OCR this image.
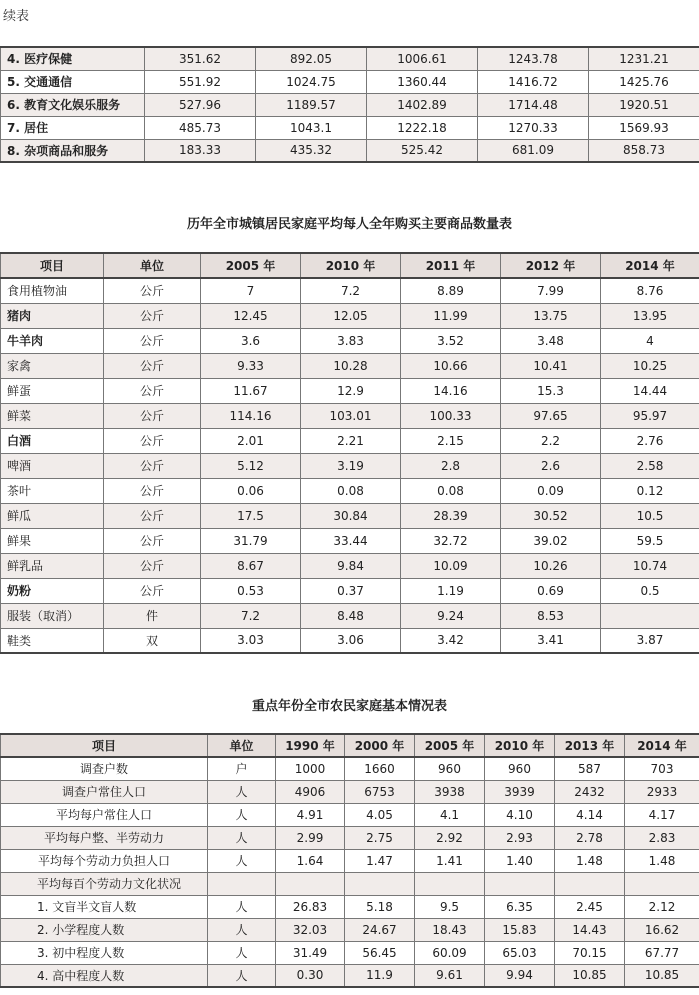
续表
4. 医疗保健	351.62	892.05	1006.61	1243.78	1231.21
5. 交通通信	551.92	1024.75	1360.44	1416.72	1425.76
6. 教育文化娱乐服务	527.96	1189.57	1402.89	1714.48	1920.51
7. 居住	485.73	1043.1	1222.18	1270.33	1569.93
8. 杂项商品和服务	183.33	435.32	525.42	681.09	858.73
历年全市城镇居民家庭平均每人全年购买主要商品数量表
项目	单位	2005 年	2010 年	2011 年	2012 年	2014 年
食用植物油	公斤	7	7.2	8.89	7.99	8.76
猪肉	公斤	12.45	12.05	11.99	13.75	13.95
牛羊肉	公斤	3.6	3.83	3.52	3.48	4
家禽	公斤	9.33	10.28	10.66	10.41	10.25
鲜蛋	公斤	11.67	12.9	14.16	15.3	14.44
鲜菜	公斤	114.16	103.01	100.33	97.65	95.97
白酒	公斤	2.01	2.21	2.15	2.2	2.76
啤酒	公斤	5.12	3.19	2.8	2.6	2.58
茶叶	公斤	0.06	0.08	0.08	0.09	0.12
鲜瓜	公斤	17.5	30.84	28.39	30.52	10.5
鲜果	公斤	31.79	33.44	32.72	39.02	59.5
鲜乳品	公斤	8.67	9.84	10.09	10.26	10.74
奶粉	公斤	0.53	0.37	1.19	0.69	0.5
服装（取消）	件	7.2	8.48	9.24	8.53	
鞋类	双	3.03	3.06	3.42	3.41	3.87
重点年份全市农民家庭基本情况表
项目	单位	1990 年	2000 年	2005 年	2010 年	2013 年	2014 年
调查户数	户	1000	1660	960	960	587	703
调查户常住人口	人	4906	6753	3938	3939	2432	2933
平均每户常住人口	人	4.91	4.05	4.1	4.10	4.14	4.17
平均每户整、半劳动力	人	2.99	2.75	2.92	2.93	2.78	2.83
平均每个劳动力负担人口	人	1.64	1.47	1.41	1.40	1.48	1.48
平均每百个劳动力文化状况							
1. 文盲半文盲人数	人	26.83	5.18	9.5	6.35	2.45	2.12
2. 小学程度人数	人	32.03	24.67	18.43	15.83	14.43	16.62
3. 初中程度人数	人	31.49	56.45	60.09	65.03	70.15	67.77
4. 高中程度人数	人	0.30	11.9	9.61	9.94	10.85	10.85
